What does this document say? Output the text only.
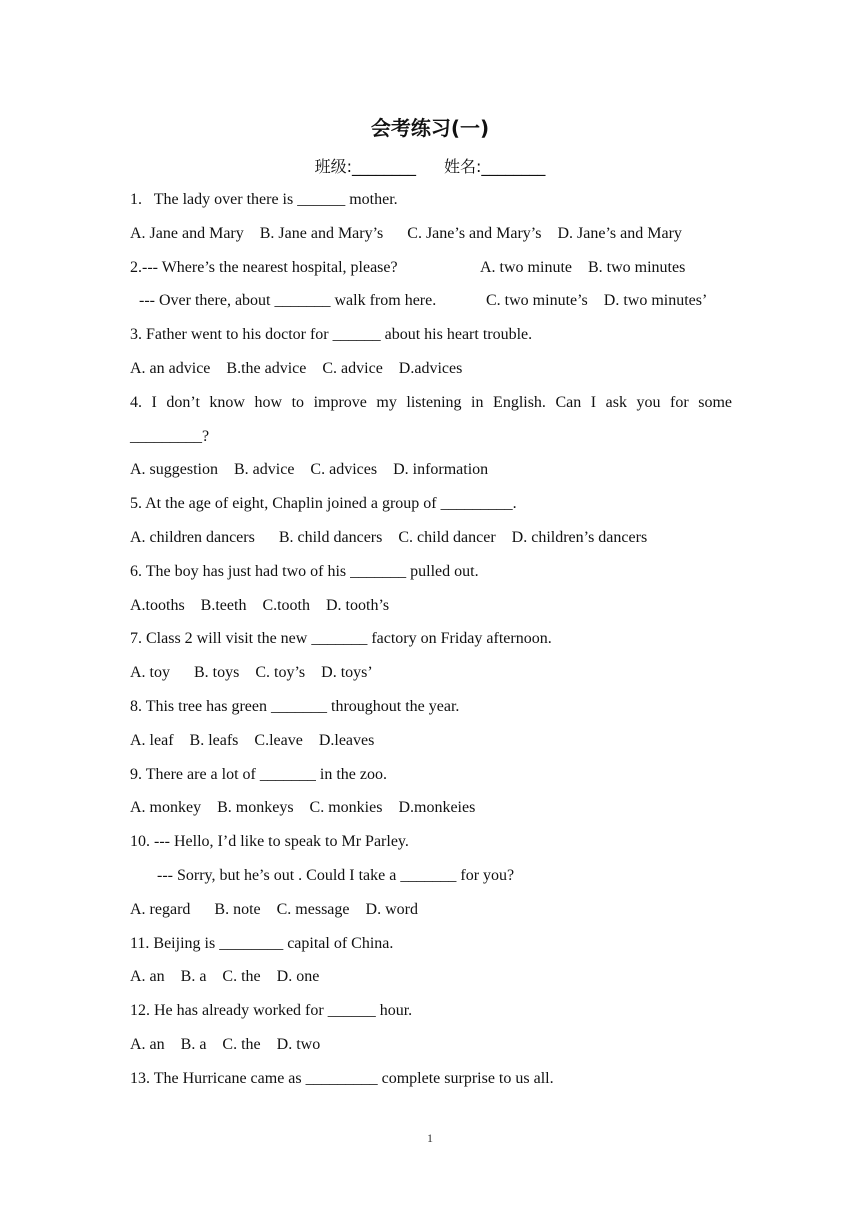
会考练习(一)
班级:________ 姓名:________
1.   The lady over there is ______ mother.
A. Jane and Mary    B. Jane and Mary’s      C. Jane’s and Mary’s    D. Jane’s and Mary

2.--- Where’s the nearest hospital, please?

	A. two minute    B. two minutes

--- Over there, about _______ walk from here.

	C. two minute’s    D. two minutes’

3. Father went to his doctor for ______ about his heart trouble.
A. an advice    B.the advice    C. advice    D.advices
4. I don’t know how to improve my listening in English. Can I ask you for some
_________?
A. suggestion    B. advice    C. advices    D. information
5. At the age of eight, Chaplin joined a group of _________.
A. children dancers      B. child dancers    C. child dancer    D. children’s dancers
6. The boy has just had two of his _______ pulled out.
A.tooths    B.teeth    C.tooth    D. tooth’s
7. Class 2 will visit the new _______ factory on Friday afternoon.
A. toy      B. toys    C. toy’s    D. toys’
8. This tree has green _______ throughout the year.
A. leaf    B. leafs    C.leave    D.leaves
9. There are a lot of _______ in the zoo.
A. monkey    B. monkeys    C. monkies    D.monkeies
10. --- Hello, I’d like to speak to Mr Parley.
--- Sorry, but he’s out . Could I take a _______ for you?
A. regard      B. note    C. message    D. word
11. Beijing is ________ capital of China.
A. an    B. a    C. the    D. one
12. He has already worked for ______ hour.
A. an    B. a    C. the    D. two
13. The Hurricane came as _________ complete surprise to us all.
1
